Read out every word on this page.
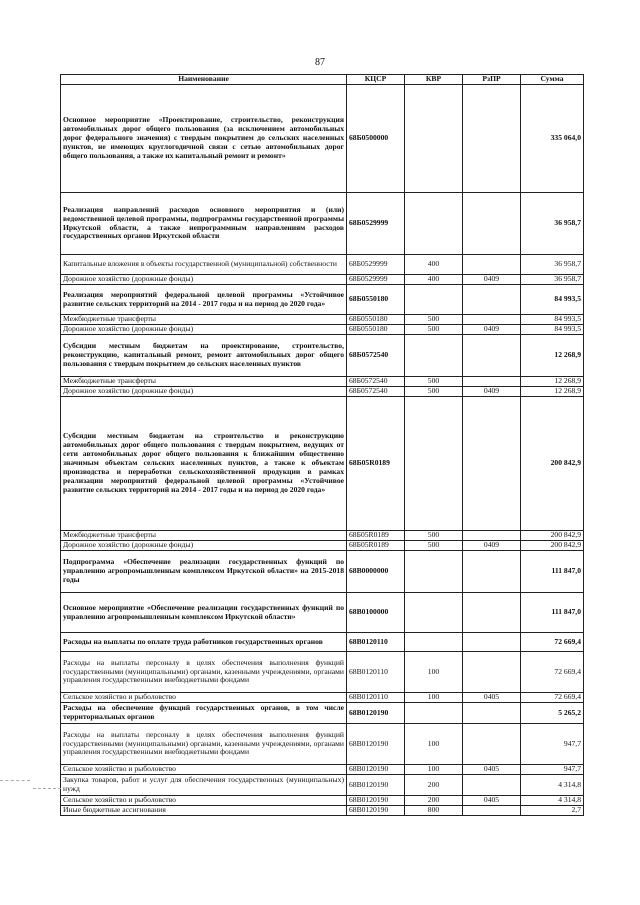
87
Наименование	КЦСР	КВР	РзПР	Сумма
Основное мероприятие «Проектирование, строительство, реконструкция автомобильных дорог общего пользования (за исключением автомобильных дорог федерального значения) с твердым покрытием до сельских населенных пунктов, не имеющих круглогодичной связи с сетью автомобильных дорог общего пользования, а также их капитальный ремонт и ремонт»	68Б0500000			335 064,0
Реализация направлений расходов основного мероприятия и (или) ведомственной целевой программы, подпрограммы государственной программы Иркутской области, а также непрограммным направлениям расходов государственных органов Иркутской области	68Б0529999			36 958,7
Капитальные вложения в объекты государственной (муниципальной) собственности	68Б0529999	400		36 958,7
Дорожное хозяйство (дорожные фонды)	68Б0529999	400	0409	36 958,7
Реализация мероприятий федеральной целевой программы «Устойчивое развитие сельских территорий на 2014 - 2017 годы и на период до 2020 года»	68Б0550180			84 993,5
Межбюджетные трансферты	68Б0550180	500		84 993,5
Дорожное хозяйство (дорожные фонды)	68Б0550180	500	0409	84 993,5
Субсидии местным бюджетам на проектирование, строительство, реконструкцию, капитальный ремонт, ремонт автомобильных дорог общего пользования с твердым покрытием до сельских населенных пунктов	68Б0572540			12 268,9
Межбюджетные трансферты	68Б0572540	500		12 268,9
Дорожное хозяйство (дорожные фонды)	68Б0572540	500	0409	12 268,9
Субсидии местным бюджетам на строительство и реконструкцию автомобильных дорог общего пользования с твердым покрытием, ведущих от сети автомобильных дорог общего пользования к ближайшим общественно значимым объектам сельских населенных пунктов, а также к объектам производства и переработки сельскохозяйственной продукции в рамках реализации мероприятий федеральной целевой программы «Устойчивое развитие сельских территорий на 2014 - 2017 годы и на период до 2020 года»	68Б05R0189			200 842,9
Межбюджетные трансферты	68Б05R0189	500		200 842,9
Дорожное хозяйство (дорожные фонды)	68Б05R0189	500	0409	200 842,9
Подпрограмма «Обеспечение реализации государственных функций по управлению агропромышленным комплексом Иркутской области» на 2015-2018 годы	68В0000000			111 847,0
Основное мероприятие «Обеспечение реализации государственных функций по управлению агропромышленным комплексом Иркутской области»	68В0100000			111 847,0
Расходы на выплаты по оплате труда работников государственных органов	68В0120110			72 669,4
Расходы на выплаты персоналу в целях обеспечения выполнения функций государственными (муниципальными) органами, казенными учреждениями, органами управления государственными внебюджетными фондами	68В0120110	100		72 669,4
Сельское хозяйство и рыболовство	68В0120110	100	0405	72 669,4
Расходы на обеспечение функций государственных органов, в том числе территориальных органов	68В0120190			5 265,2
Расходы на выплаты персоналу в целях обеспечения выполнения функций государственными (муниципальными) органами, казенными учреждениями, органами управления государственными внебюджетными фондами	68В0120190	100		947,7
Сельское хозяйство и рыболовство	68В0120190	100	0405	947,7
Закупка товаров, работ и услуг для обеспечения государственных (муниципальных) нужд	68В0120190	200		4 314,8
Сельское хозяйство и рыболовство	68В0120190	200	0405	4 314,8
Иные бюджетные ассигнования	68В0120190	800		2,7
